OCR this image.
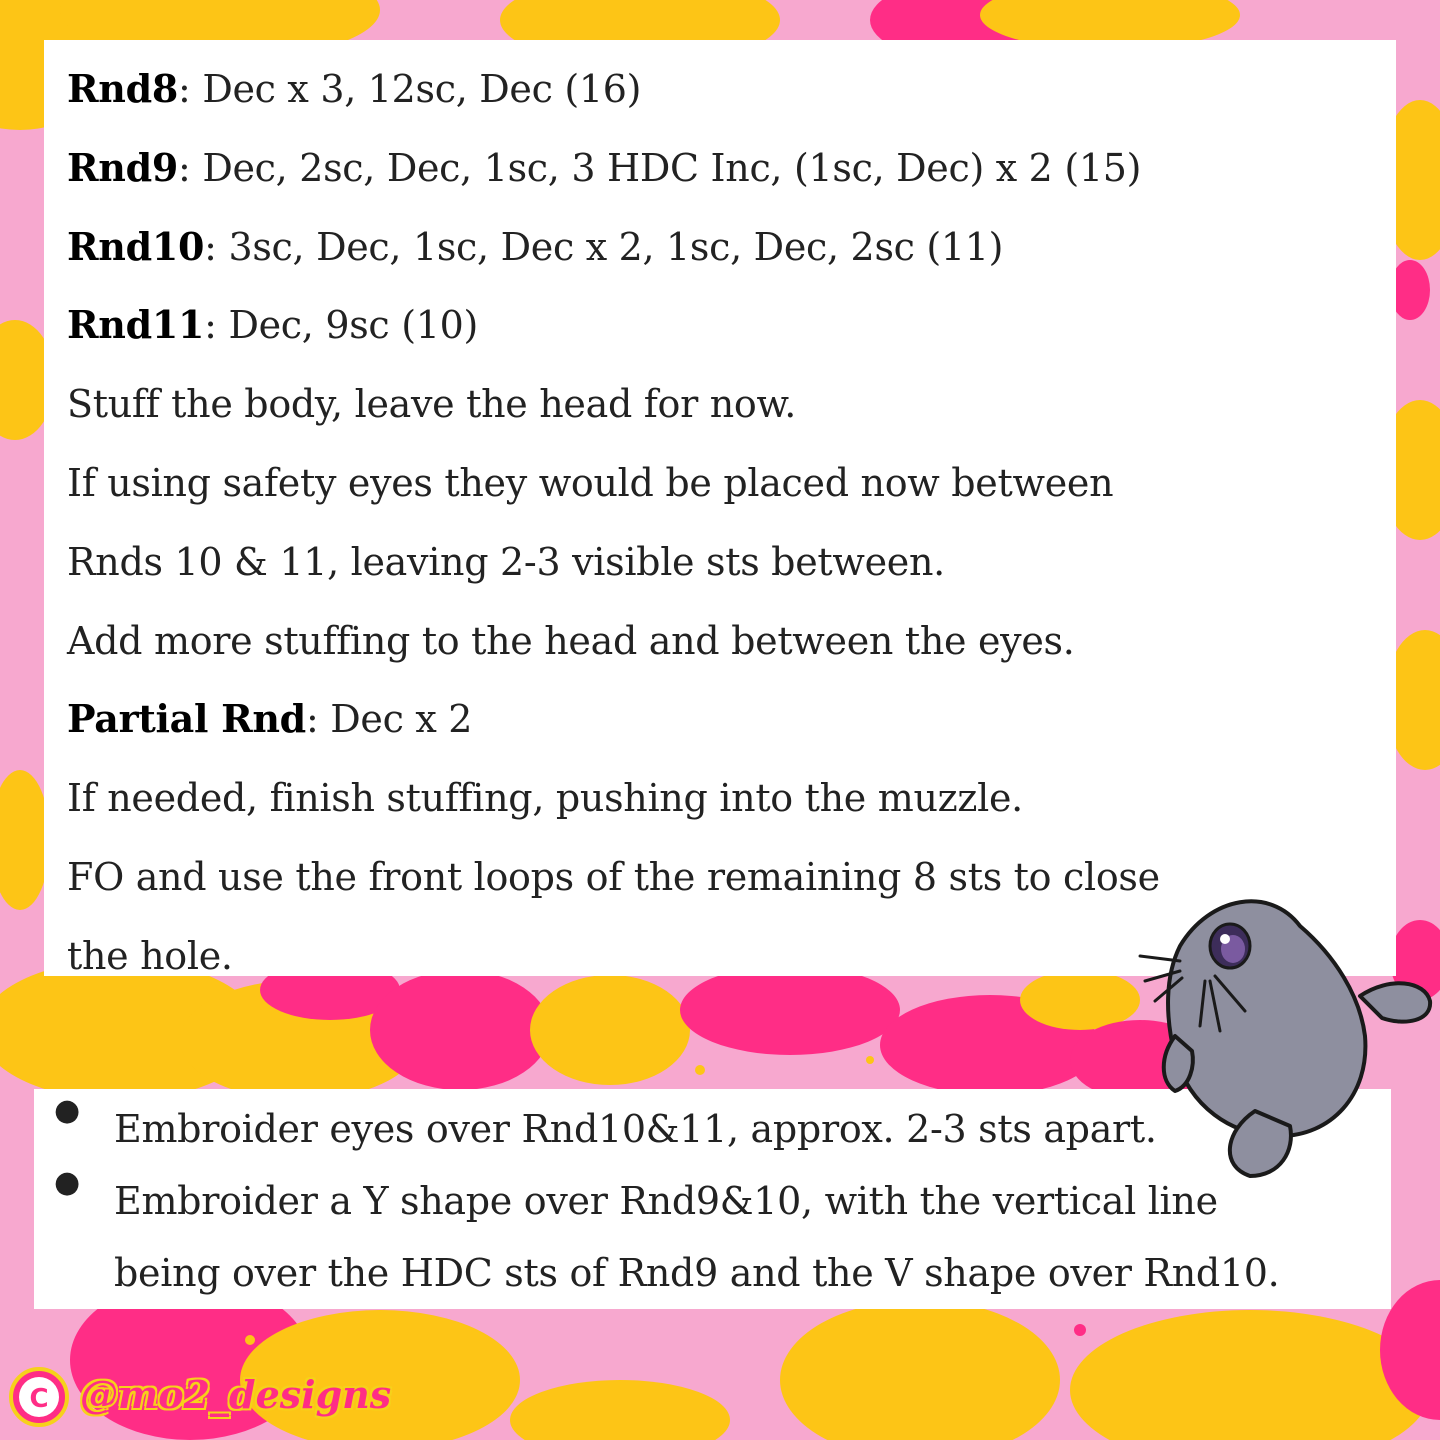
Rnd8: Dec x 3, 12sc, Dec (16)
Rnd9: Dec, 2sc, Dec, 1sc, 3 HDC Inc, (1sc, Dec) x 2 (15)
Rnd10: 3sc, Dec, 1sc, Dec x 2, 1sc, Dec, 2sc (11)
Rnd11: Dec, 9sc (10)
Stuff the body, leave the head for now.
If using safety eyes they would be placed now between
Rnds 10 & 11, leaving 2-3 visible sts between.
Add more stuffing to the head and between the eyes.
Partial Rnd: Dec x 2
If needed, finish stuffing, pushing into the muzzle.
FO and use the front loops of the remaining 8 sts to close
the hole.
● Embroider eyes over Rnd10&11, approx. 2-3 sts apart.
● Embroider a Y shape over Rnd9&10, with the vertical line
being over the HDC sts of Rnd9 and the V shape over Rnd10.
C @mo2_designs
